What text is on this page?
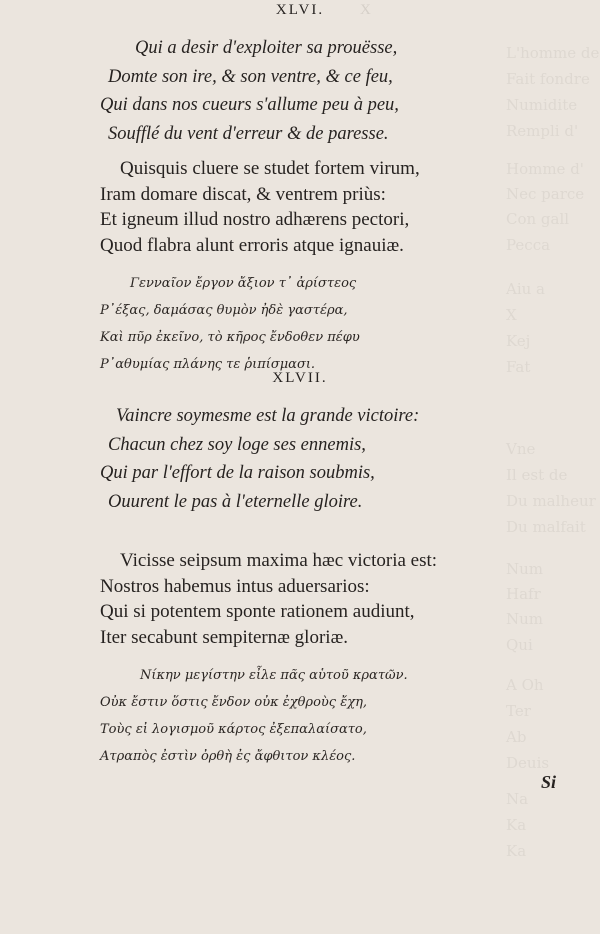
L'homme de
Fait fondre
Numidite
Rempli d'
Homme d'
Nec parce
Con gall
Pecca
Aiu a
X
Kej
Fat
Vne
Il est de
Du malheur
Du malfait
Num
Hafr
Num
Qui
A Oh
Ter
Ab
Deuis
Na
Ka
Ka
XLVI.	X
Qui a desir d'exploiter sa prouësse,
Domte son ire, & son ventre, & ce feu,
Qui dans nos cueurs s'allume peu à peu,
Soufflé du vent d'erreur & de paresse.
Quisquis cluere se studet fortem virum,
Iram domare discat, & ventrem priùs:
Et igneum illud nostro adhærens pectori,
Quod flabra alunt erroris atque ignauiæ.
Γενναῖον ἔργον ἄξιον τ᾽ ἀρίστεος
Ρ᾽έξας, δαμάσας θυμὸν ἠδὲ γαστέρα,
Καὶ πῦρ ἐκεῖνο, τὸ κῆρος ἔνδοθεν πέφυ
Ρ᾽αθυμίας πλάνης τε ῥιπίσμασι.
XLVII.
Vaincre soymesme est la grande victoire:
Chacun chez soy loge ses ennemis,
Qui par l'effort de la raison soubmis,
Ouurent le pas à l'eternelle gloire.
Vicisse seipsum maxima hæc victoria est:
Nostros habemus intus aduersarios:
Qui si potentem sponte rationem audiunt,
Iter secabunt sempiternæ gloriæ.
Νίκην μεγίστην εἶλε πᾶς αὑτοῦ κρατῶν.
Οὐκ ἔστιν ὅστις ἔνδον οὐκ ἐχθροὺς ἔχη,
Τοὺς εἰ λογισμοῦ κάρτος ἐξεπαλαίσατο,
Ατραπὸς ἐστὶν ὀρθὴ ἐς ἄφθιτον κλέος.
Si
